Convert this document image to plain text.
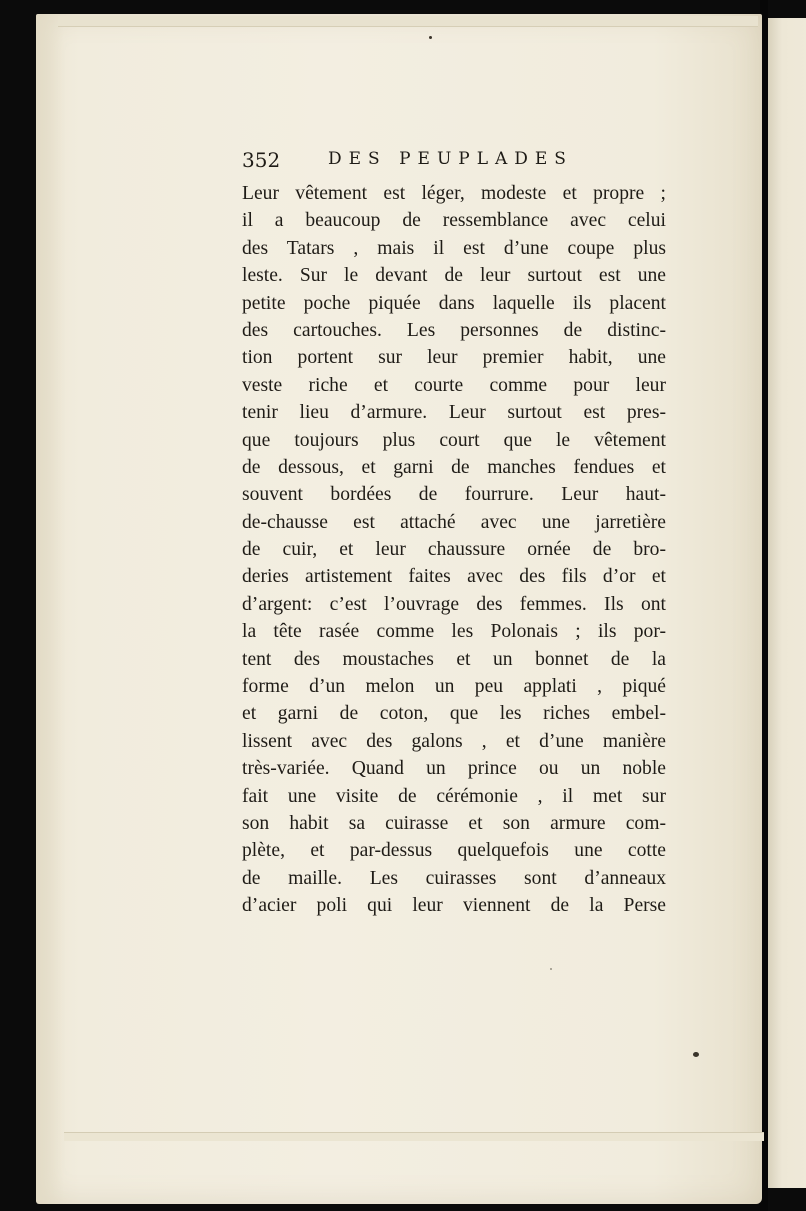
352	DES PEUPLADES
Leur vêtement est léger, modeste et propre ;
il a beaucoup de ressemblance avec celui
des Tatars , mais il est d’une coupe plus
leste. Sur le devant de leur surtout est une
petite poche piquée dans laquelle ils placent
des cartouches. Les personnes de distinc-
tion portent sur leur premier habit, une
veste riche et courte comme pour leur
tenir lieu d’armure. Leur surtout est pres-
que toujours plus court que le vêtement
de dessous, et garni de manches fendues et
souvent bordées de fourrure. Leur haut-
de-chausse est attaché avec une jarretière
de cuir, et leur chaussure ornée de bro-
deries artistement faites avec des fils d’or et
d’argent: c’est l’ouvrage des femmes. Ils ont
la tête rasée comme les Polonais ; ils por-
tent des moustaches et un bonnet de la
forme d’un melon un peu applati , piqué
et garni de coton, que les riches embel-
lissent avec des galons , et d’une manière
très-variée. Quand un prince ou un noble
fait une visite de cérémonie , il met sur
son habit sa cuirasse et son armure com-
plète, et par-dessus quelquefois une cotte
de maille. Les cuirasses sont d’anneaux
d’acier poli qui leur viennent de la Perse
